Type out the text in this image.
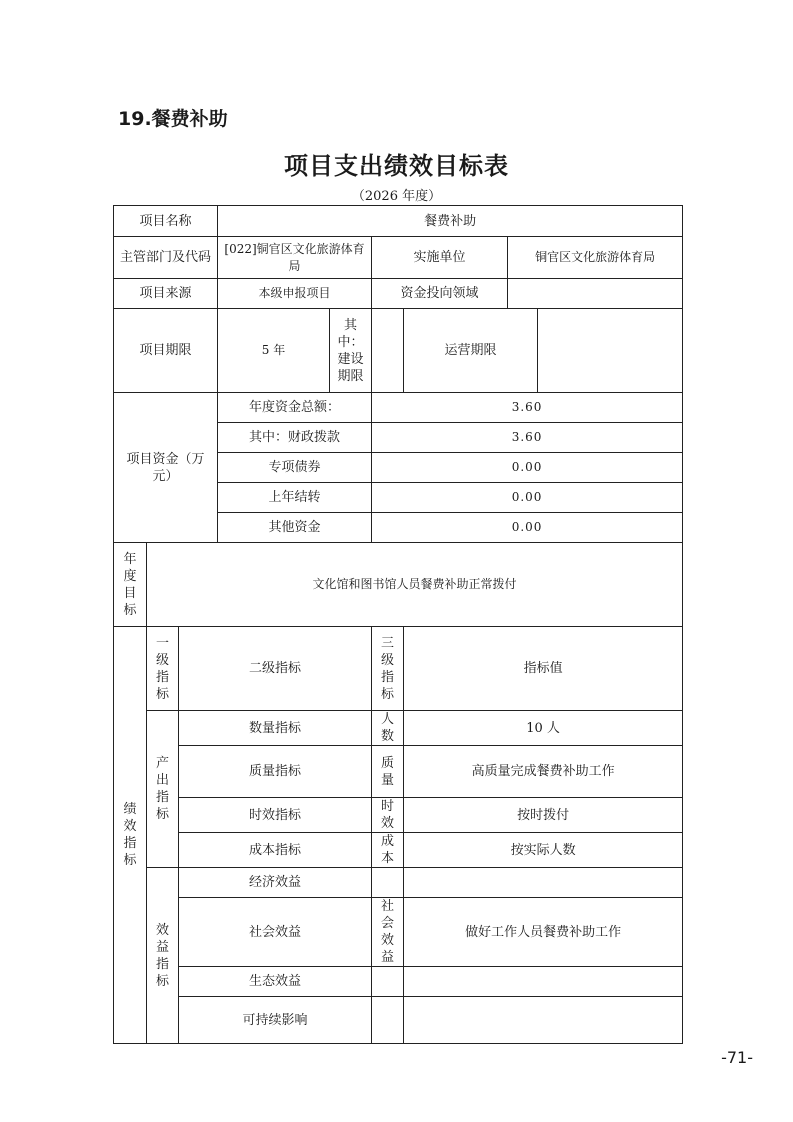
19.餐费补助
项目支出绩效目标表
（2026 年度）
项目名称			餐费补助					
主管部门及代码			[022]铜官区文化旅游体育局		实施单位		铜官区文化旅游体育局	
项目来源			本级申报项目		资金投向领域			
项目期限			5 年	其中：建设期限		运营期限		
项目资金（万元）			年度资金总额：		3.60			
			其中：财政拨款		3.60			
			专项债券		0.00			
			上年结转		0.00			
			其他资金		0.00			
年度目标	文化馆和图书馆人员餐费补助正常拨付							
绩效指标	一级指标	二级指标			三级指标	指标值		
	产出指标	数量指标			人数	10 人		
		质量指标			质量	高质量完成餐费补助工作		
		时效指标			时效	按时拨付		
		成本指标			成本	按实际人数		
	效益指标	经济效益						
		社会效益			社会效益	做好工作人员餐费补助工作		
		生态效益						
		可持续影响						
-71-
